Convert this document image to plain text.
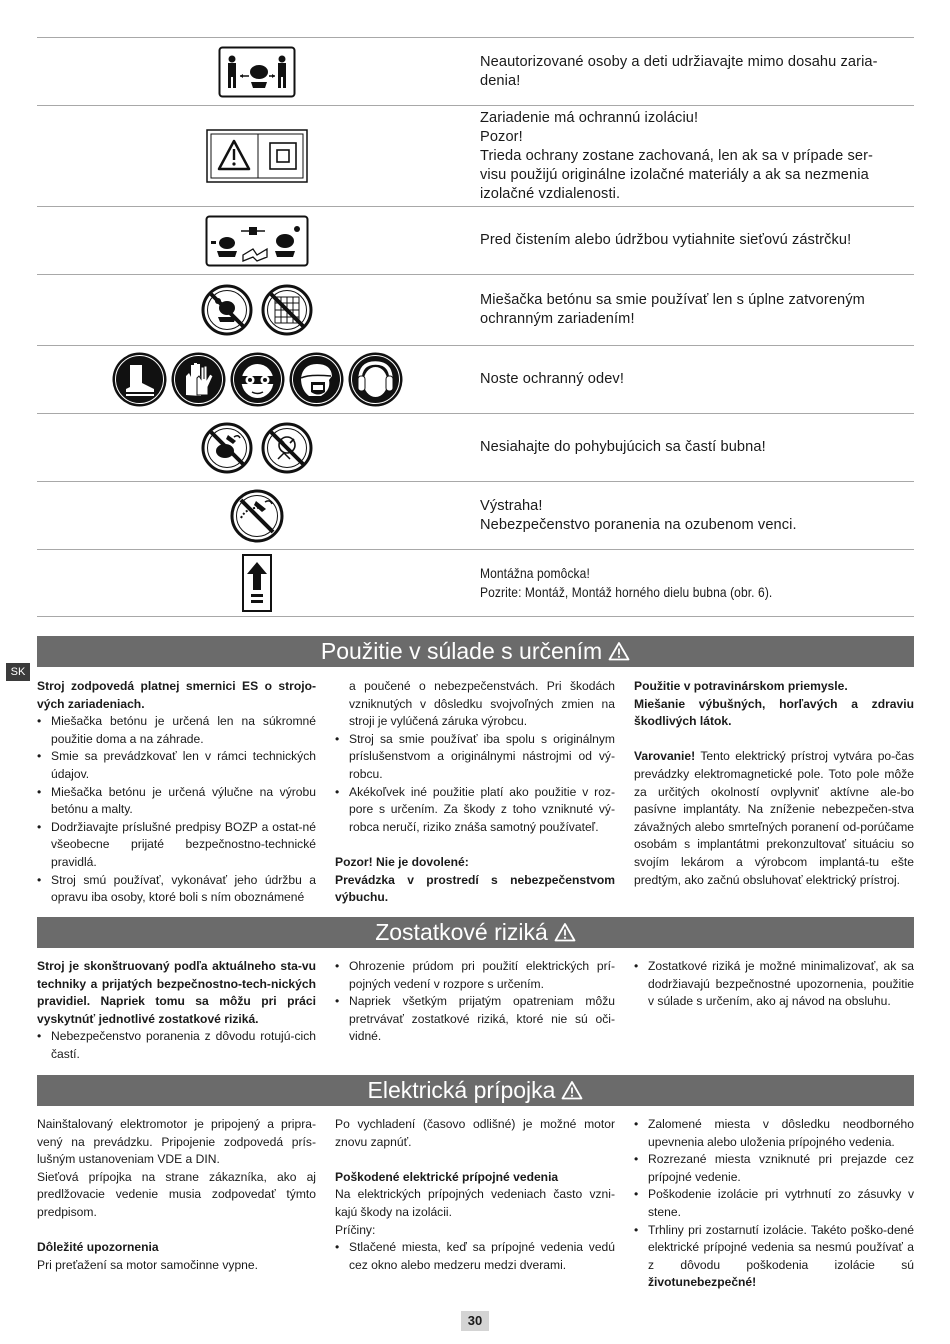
Neautorizované osoby a deti udržiavajte mimo dosahu zaria-
denia!
Zariadenie má ochrannú izoláciu!
Pozor!
Trieda ochrany zostane zachovaná, len ak sa v prípade ser-
visu použijú originálne izolačné materiály a ak sa nezmenia
izolačné vzdialenosti.
Pred čistením alebo údržbou vytiahnite sieťovú zástrčku!
Miešačka betónu sa smie používať len s úplne zatvoreným
ochranným zariadením!
Noste ochranný odev!
Nesiahajte do pohybujúcich sa častí bubna!
Výstraha!
Nebezpečenstvo poranenia na ozubenom venci.
Montážna pomôcka!
Pozrite: Montáž, Montáž horného dielu bubna (obr. 6).
SK
Použitie v súlade s určením

Stroj zodpovedá platnej smernici ES o strojo-vých zariadeniach.

• Miešačka betónu je určená len na súkromné použitie doma a na záhrade.
• Smie sa prevádzkovať len v rámci technických údajov.
• Miešačka betónu je určená výlučne na výrobu betónu a malty.
• Dodržiavajte príslušné predpisy BOZP a ostat-né všeobecne prijaté bezpečnostno-technické pravidlá.
• Stroj smú používať, vykonávať jeho údržbu a opravu iba osoby, ktoré boli s ním oboznámené

a poučené o nebezpečenstvách. Pri škodách vzniknutých v dôsledku svojvoľných zmien na stroji je vylúčená záruka výrobcu.

• Stroj sa smie používať iba spolu s originálnym príslušenstvom a originálnymi nástrojmi od vý-robcu.
• Akékoľvek iné použitie platí ako použitie v roz-pore s určením. Za škody z toho vzniknuté vý-robca neručí, riziko znáša samotný používateľ.

Pozor! Nie je dovolené:

Prevádzka v prostredí s nebezpečenstvom výbuchu.

Použitie v potravinárskom priemysle.

Miešanie výbušných, horľavých a zdraviu škodlivých látok.

Varovanie! Tento elektrický prístroj vytvára po-čas prevádzky elektromagnetické pole. Toto pole môže za určitých okolností ovplyvniť aktívne ale-bo pasívne implantáty. Na zníženie nebezpečen-stva závažných alebo smrteľných poranení od-porúčame osobám s implantátmi prekonzultovať situáciu so svojím lekárom a výrobcom implantá-tu ešte predtým, ako začnú obsluhovať elektrický prístroj.

Zostatkové riziká

Stroj je skonštruovaný podľa aktuálneho sta-vu techniky a prijatých bezpečnostno-tech-nických pravidiel. Napriek tomu sa môžu pri práci vyskytnúť jednotlivé zostatkové riziká.

• Nebezpečenstvo poranenia z dôvodu rotujú-cich častí.
• Ohrozenie prúdom pri použití elektrických prí-pojných vedení v rozpore s určením.
• Napriek všetkým prijatým opatreniam môžu pretrvávať zostatkové riziká, ktoré nie sú oči-vidné.
• Zostatkové riziká je možné minimalizovať, ak sa dodržiavajú bezpečnostné upozornenia, použitie v súlade s určením, ako aj návod na obsluhu.
Elektrická prípojka

Nainštalovaný elektromotor je pripojený a pripra-vený na prevádzku. Pripojenie zodpovedá prís-lušným ustanoveniam VDE a DIN.

Sieťová prípojka na strane zákazníka, ako aj predlžovacie vedenie musia zodpovedať týmto predpisom.

Dôležité upozornenia

Pri preťažení sa motor samočinne vypne.

Po vychladení (časovo odlišné) je možné motor znovu zapnúť.

Poškodené elektrické prípojné vedenia

Na elektrických prípojných vedeniach často vzni-kajú škody na izolácii.

Príčiny:

• Stlačené miesta, keď sa prípojné vedenia vedú cez okno alebo medzeru medzi dverami.
• Zalomené miesta v dôsledku neodborného upevnenia alebo uloženia prípojného vedenia.
• Rozrezané miesta vzniknuté pri prejazde cez prípojné vedenie.
• Poškodenie izolácie pri vytrhnutí zo zásuvky v stene.
• Trhliny pri zostarnutí izolácie. Takéto poško-dené elektrické prípojné vedenia sa nesmú používať a z dôvodu poškodenia izolácie sú životunebezpečné!
30
